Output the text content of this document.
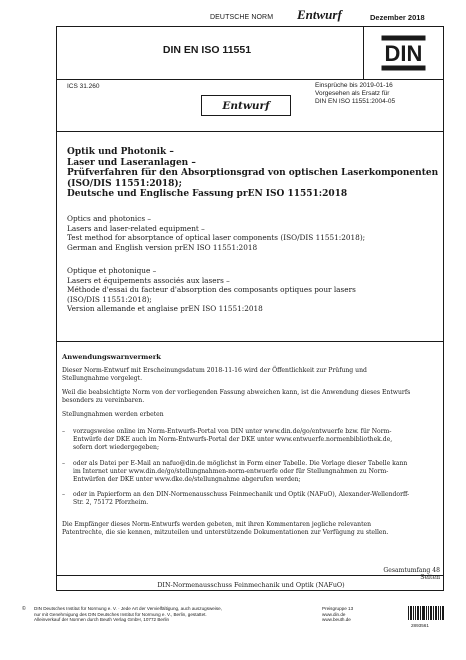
DEUTSCHE NORM Entwurf	Dezember 2018
DIN EN ISO 11551	DIN
ICS 31.260	Einsprüche bis 2019-01-16
Vorgesehen als Ersatz für
DIN EN ISO 11551:2004-05
Entwurf
Optik und Photonik –
Laser und Laseranlagen –
Prüfverfahren für den Absorptionsgrad von optischen Laserkomponenten
(ISO/DIS 11551:2018);
Deutsche und Englische Fassung prEN ISO 11551:2018
Optics and photonics –
Lasers and laser-related equipment –
Test method for absorptance of optical laser components (ISO/DIS 11551:2018);
German and English version prEN ISO 11551:2018
Optique et photonique –
Lasers et équipements associés aux lasers –
Méthode d'essai du facteur d'absorption des composants optiques pour lasers
(ISO/DIS 11551:2018);
Version allemande et anglaise prEN ISO 11551:2018
Anwendungswarnvermerk
Dieser Norm-Entwurf mit Erscheinungsdatum 2018-11-16 wird der Öffentlichkeit zur Prüfung und
Stellungnahme vorgelegt.
Weil die beabsichtigte Norm von der vorliegenden Fassung abweichen kann, ist die Anwendung dieses Entwurfs
besonders zu vereinbaren.
Stellungnahmen werden erbeten
– vorzugsweise online im Norm-Entwurfs-Portal von DIN unter www.din.de/go/entwuerfe bzw. für Norm-
Entwürfe der DKE auch im Norm-Entwurfs-Portal der DKE unter www.entwuerfe.normenbibliothek.de,
sofern dort wiedergegeben;
– oder als Datei per E-Mail an nafuo@din.de möglichst in Form einer Tabelle. Die Vorlage dieser Tabelle kann
im Internet unter www.din.de/go/stellungnahmen-norm-entwuerfe oder für Stellungnahmen zu Norm-
Entwürfen der DKE unter www.dke.de/stellungnahme abgerufen werden;
– oder in Papierform an den DIN-Normenausschuss Feinmechanik und Optik (NAFuO), Alexander-Wellendorff-
Str. 2, 75172 Pforzheim.
Die Empfänger dieses Norm-Entwurfs werden gebeten, mit ihren Kommentaren jegliche relevanten
Patentrechte, die sie kennen, mitzuteilen und unterstützende Dokumentationen zur Verfügung zu stellen.
Gesamtumfang 48 Seiten
DIN-Normenausschuss Feinmechanik und Optik (NAFuO)
© DIN Deutsches Institut für Normung e. V. · Jede Art der Vervielfältigung, auch auszugsweise,
nur mit Genehmigung des DIN Deutsches Institut für Normung e. V., Berlin, gestattet.
Alleinverkauf der Normen durch Beuth Verlag GmbH, 10772 Berlin
Preisgruppe 13
www.din.de
www.beuth.de
2893561
